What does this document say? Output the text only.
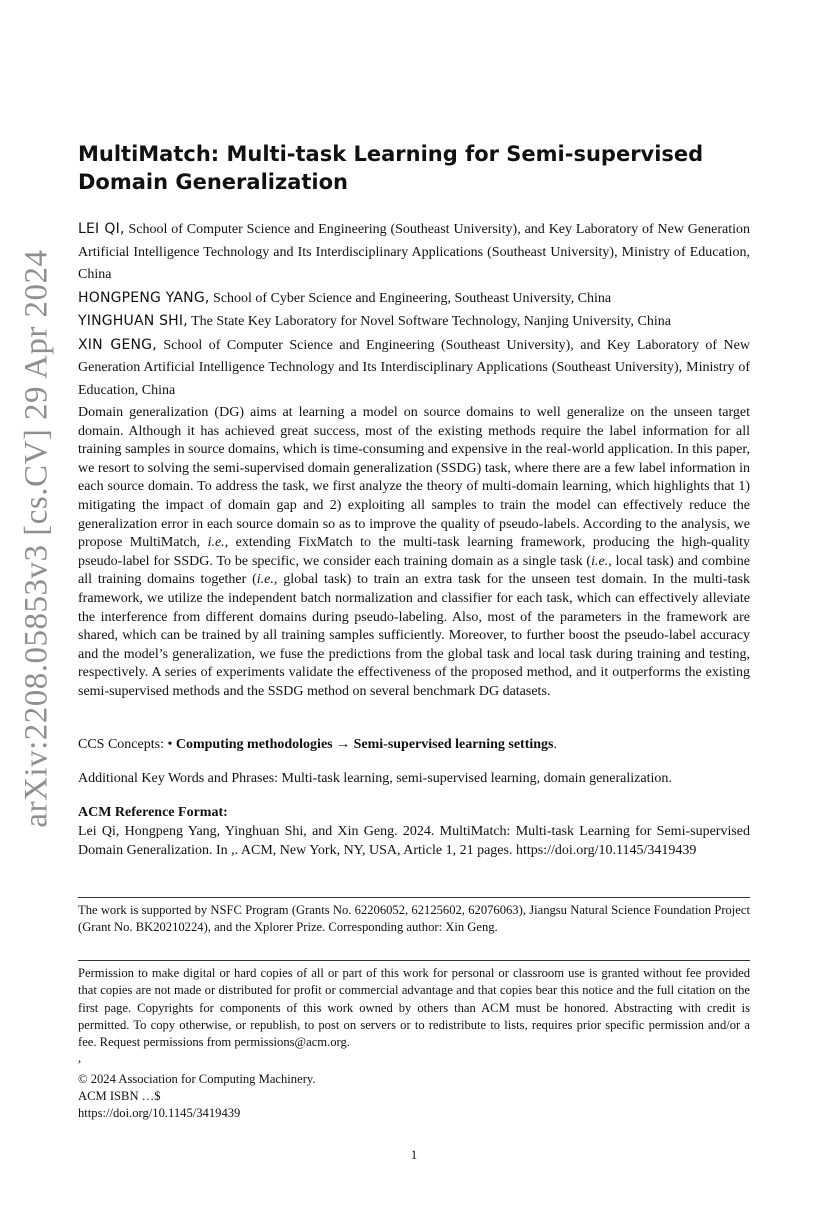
arXiv:2208.05853v3 [cs.CV] 29 Apr 2024
MultiMatch: Multi-task Learning for Semi-supervised Domain Generalization
LEI QI, School of Computer Science and Engineering (Southeast University), and Key Laboratory of New Generation Artificial Intelligence Technology and Its Interdisciplinary Applications (Southeast University), Ministry of Education, China
HONGPENG YANG, School of Cyber Science and Engineering, Southeast University, China
YINGHUAN SHI, The State Key Laboratory for Novel Software Technology, Nanjing University, China
XIN GENG, School of Computer Science and Engineering (Southeast University), and Key Laboratory of New Generation Artificial Intelligence Technology and Its Interdisciplinary Applications (Southeast University), Ministry of Education, China

Domain generalization (DG) aims at learning a model on source domains to well generalize on the unseen target domain. Although it has achieved great success, most of the existing methods require the label information for all training samples in source domains, which is time-consuming and expensive in the real-world application. In this paper, we resort to solving the semi-supervised domain generalization (SSDG) task, where there are a few label information in each source domain. To address the task, we first analyze the theory of multi-domain learning, which highlights that 1) mitigating the impact of domain gap and 2) exploiting all samples to train the model can effectively reduce the generalization error in each source domain so as to improve the quality of pseudo-labels. According to the analysis, we propose MultiMatch, i.e., extending FixMatch to the multi-task learning framework, producing the high-quality pseudo-label for SSDG. To be specific, we consider each training domain as a single task (i.e., local task) and combine all training domains together (i.e., global task) to train an extra task for the unseen test domain. In the multi-task framework, we utilize the independent batch normalization and classifier for each task, which can effectively alleviate the interference from different domains during pseudo-labeling. Also, most of the parameters in the framework are shared, which can be trained by all training samples sufficiently. Moreover, to further boost the pseudo-label accuracy and the model’s generalization, we fuse the predictions from the global task and local task during training and testing, respectively. A series of experiments validate the effectiveness of the proposed method, and it outperforms the existing semi-supervised methods and the SSDG method on several benchmark DG datasets.

CCS Concepts: • Computing methodologies → Semi-supervised learning settings.
Additional Key Words and Phrases: Multi-task learning, semi-supervised learning, domain generalization.
ACM Reference Format:
Lei Qi, Hongpeng Yang, Yinghuan Shi, and Xin Geng. 2024. MultiMatch: Multi-task Learning for Semi-supervised Domain Generalization. In ,. ACM, New York, NY, USA, Article 1, 21 pages. https://doi.org/10.1145/3419439
The work is supported by NSFC Program (Grants No. 62206052, 62125602, 62076063), Jiangsu Natural Science Foundation Project (Grant No. BK20210224), and the Xplorer Prize. Corresponding author: Xin Geng.
Permission to make digital or hard copies of all or part of this work for personal or classroom use is granted without fee provided that copies are not made or distributed for profit or commercial advantage and that copies bear this notice and the full citation on the first page. Copyrights for components of this work owned by others than ACM must be honored. Abstracting with credit is permitted. To copy otherwise, or republish, to post on servers or to redistribute to lists, requires prior specific permission and/or a fee. Request permissions from permissions@acm.org.
,
© 2024 Association for Computing Machinery.
ACM ISBN …$
https://doi.org/10.1145/3419439
1
